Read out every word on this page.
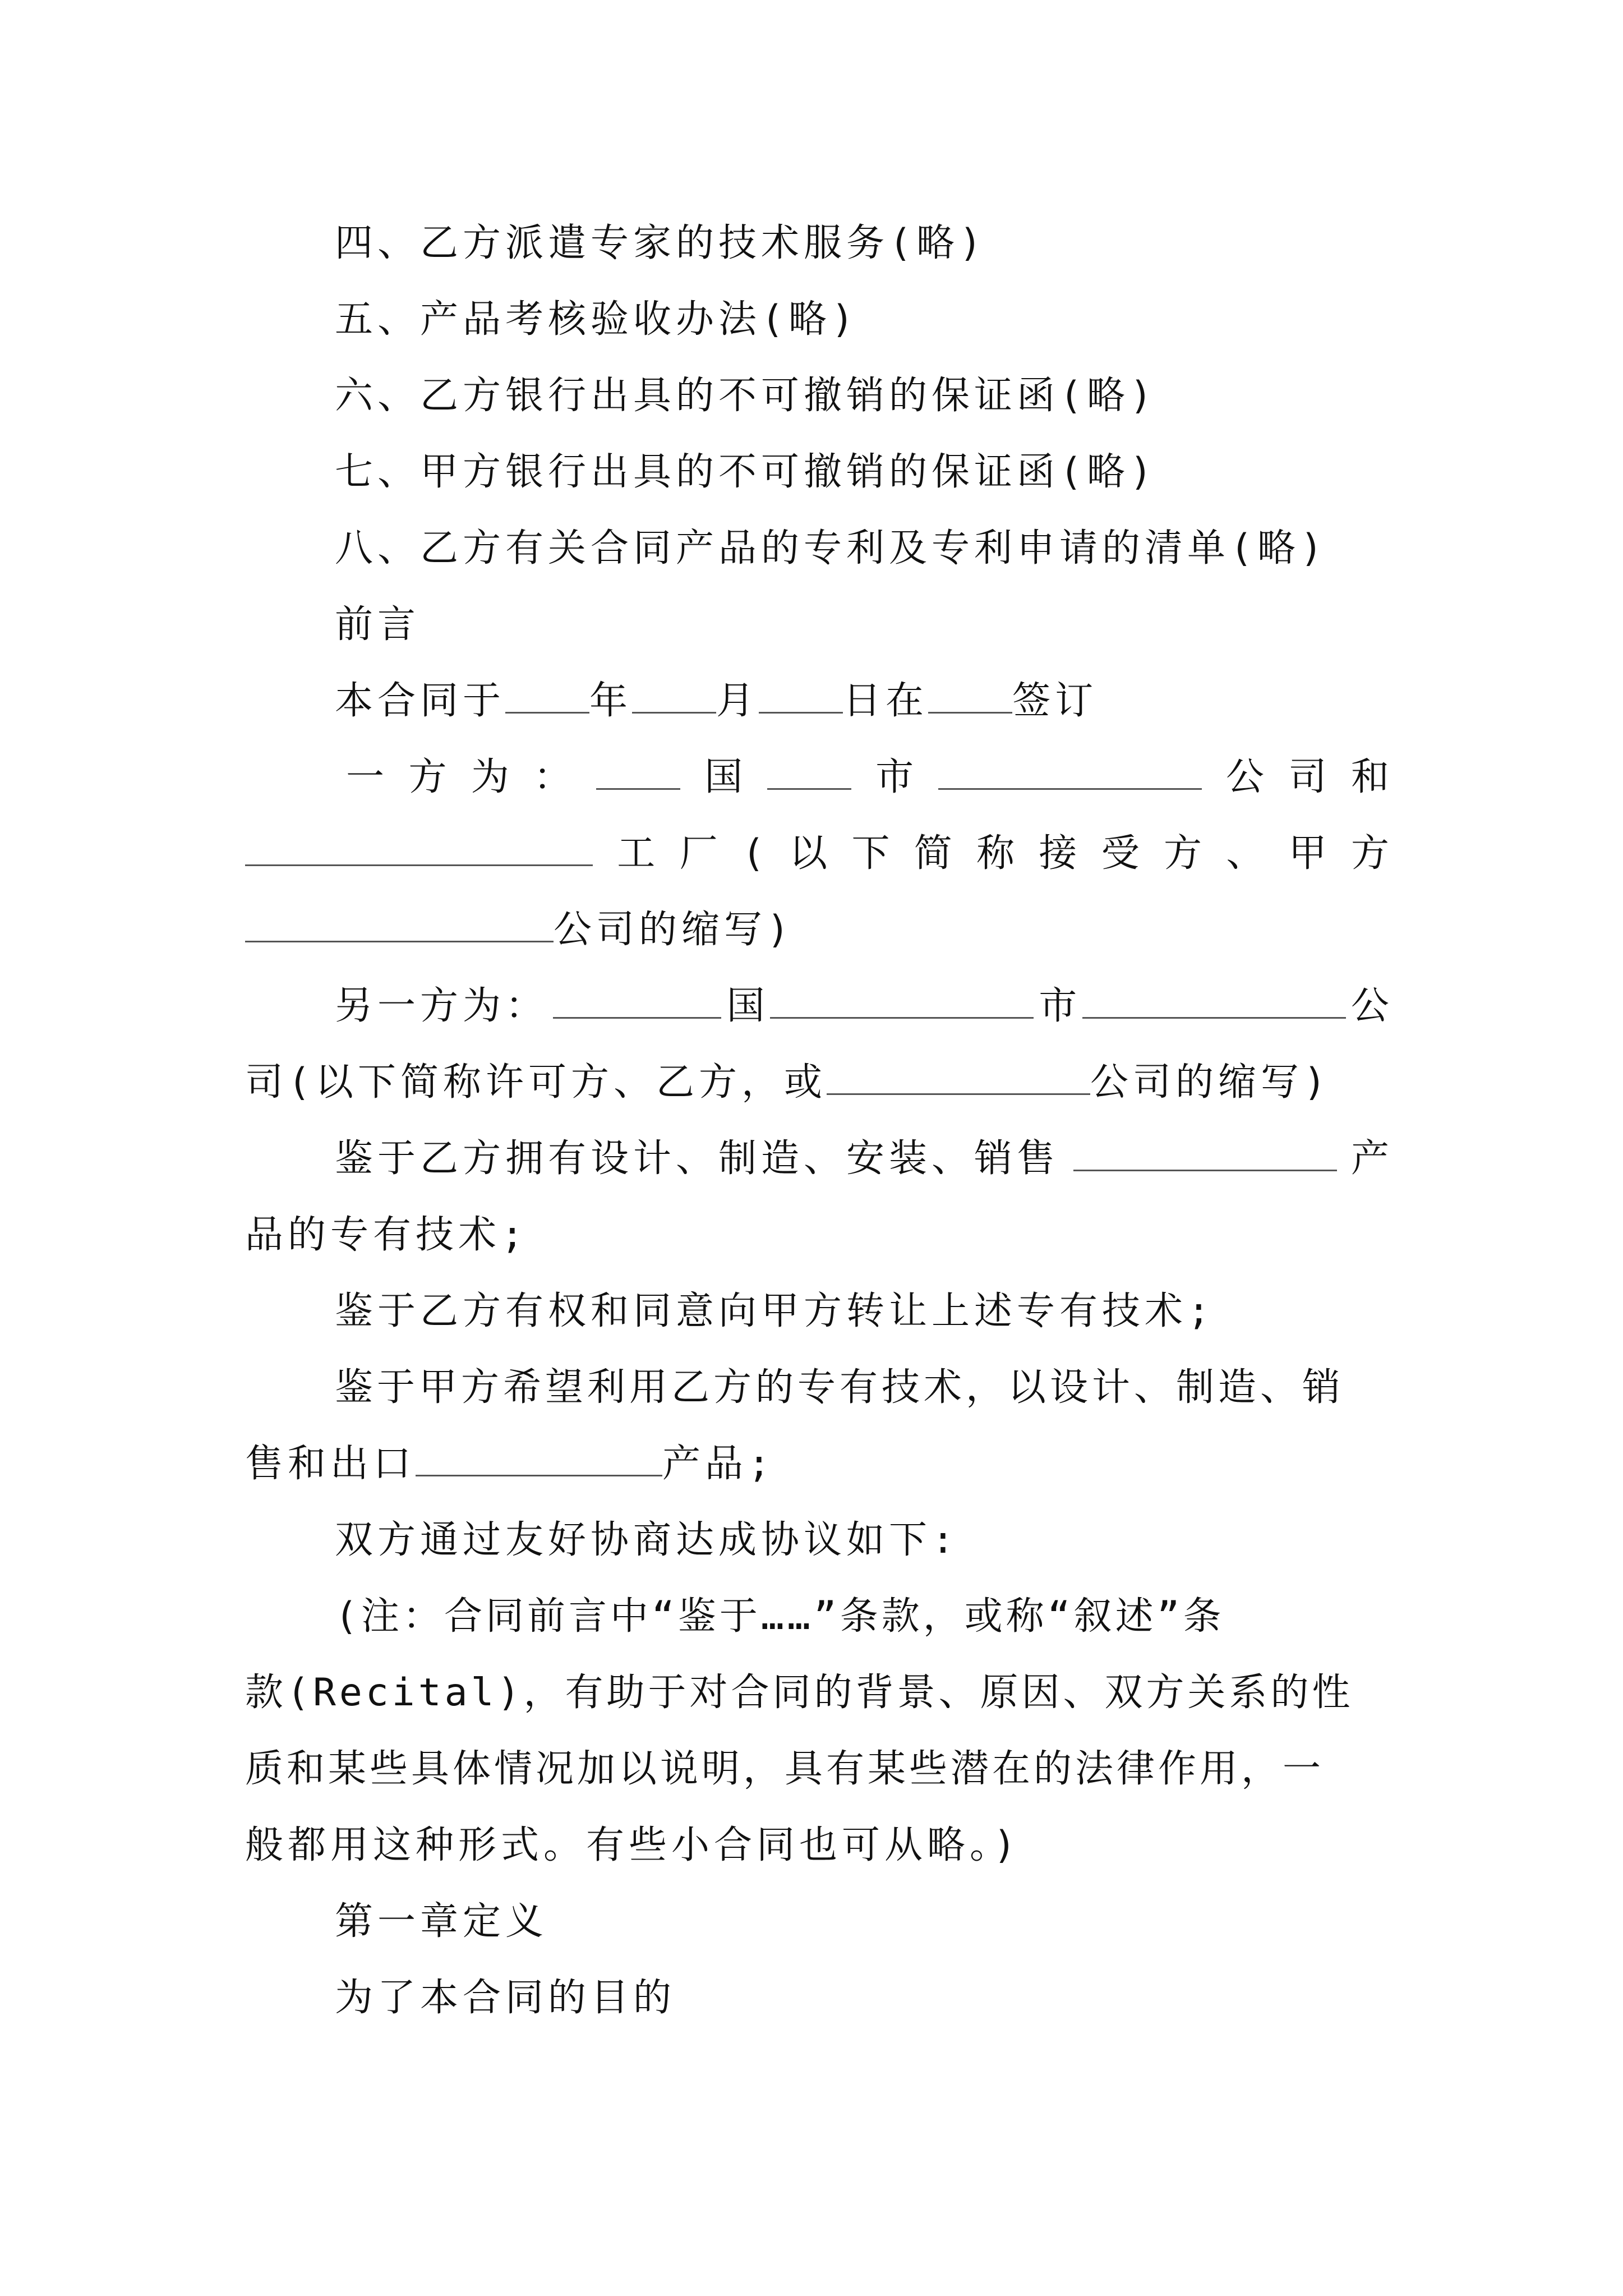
四、乙方派遣专家的技术服务(略)
五、产品考核验收办法(略)
六、乙方银行出具的不可撤销的保证函(略)
七、甲方银行出具的不可撤销的保证函(略)
八、乙方有关合同产品的专利及专利申请的清单(略)
前言
本合同于 年 月 日在 签订
一 方 为 ：	国	市	公 司 和
工 厂 ( 以 下 简 称 接 受 方 、 甲 方
公司的缩写)
另一方为：	国	市	公
司(以下简称许可方、乙方，或	公司的缩写)
鉴于乙方拥有设计、制造、安装、销售	产
品的专有技术;
鉴于乙方有权和同意向甲方转让上述专有技术;
鉴于甲方希望利用乙方的专有技术，以设计、制造、销
售和出口	产品;
双方通过友好协商达成协议如下:
(注：合同前言中“鉴于……”条款，或称“叙述”条
款(Recital)，有助于对合同的背景、原因、双方关系的性
质和某些具体情况加以说明，具有某些潜在的法律作用，一
般都用这种形式。有些小合同也可从略。)
第一章定义
为了本合同的目的
